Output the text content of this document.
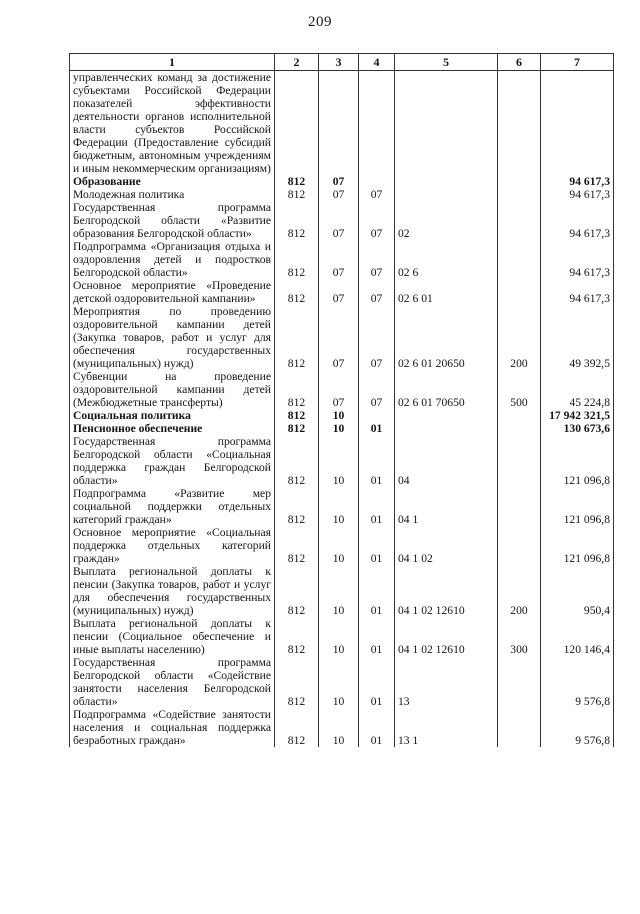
209
1	2	3	4	5	6	7
управленческих команд за достижение субъектами Российской Федерации показателей эффективности деятельности органов исполнительной власти субъектов Российской Федерации (Предоставление субсидий бюджетным, автономным учреждениям и иным некоммерческим организациям)						
Образование	812	07				94 617,3
Молодежная политика	812	07	07			94 617,3
Государственная программа Белгородской области «Развитие образования Белгородской области»	812	07	07	02		94 617,3
Подпрограмма «Организация отдыха и оздоровления детей и подростков Белгородской области»	812	07	07	02 6		94 617,3
Основное мероприятие «Проведение детской оздоровительной кампании»	812	07	07	02 6 01		94 617,3
Мероприятия по проведению оздоровительной кампании детей (Закупка товаров, работ и услуг для обеспечения государственных (муниципальных) нужд)	812	07	07	02 6 01 20650	200	49 392,5
Субвенции на проведение оздоровительной кампании детей (Межбюджетные трансферты)	812	07	07	02 6 01 70650	500	45 224,8
Социальная политика	812	10				17 942 321,5
Пенсионное обеспечение	812	10	01			130 673,6
Государственная программа Белгородской области «Социальная поддержка граждан Белгородской области»	812	10	01	04		121 096,8
Подпрограмма «Развитие мер социальной поддержки отдельных категорий граждан»	812	10	01	04 1		121 096,8
Основное мероприятие «Социальная поддержка отдельных категорий граждан»	812	10	01	04 1 02		121 096,8
Выплата региональной доплаты к пенсии (Закупка товаров, работ и услуг для обеспечения государственных (муниципальных) нужд)	812	10	01	04 1 02 12610	200	950,4
Выплата региональной доплаты к пенсии (Социальное обеспечение и иные выплаты населению)	812	10	01	04 1 02 12610	300	120 146,4
Государственная программа Белгородской области «Содействие занятости населения Белгородской области»	812	10	01	13		9 576,8
Подпрограмма «Содействие занятости населения и социальная поддержка безработных граждан»	812	10	01	13 1		9 576,8
